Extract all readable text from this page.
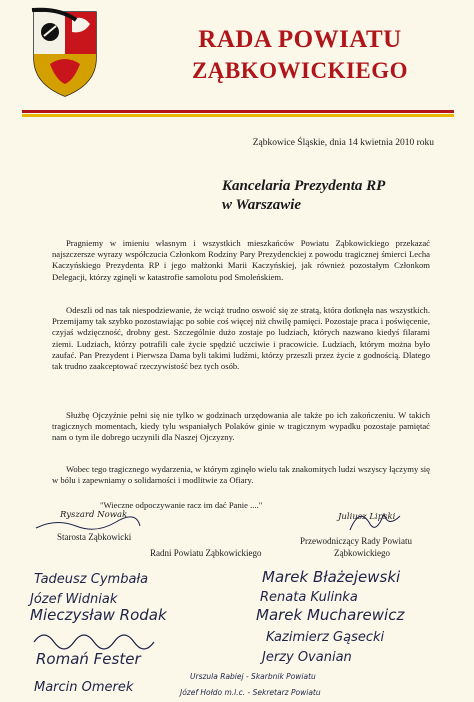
RADA POWIATU
ZĄBKOWICKIEGO
Ząbkowice Śląskie, dnia 14 kwietnia 2010 roku
Kancelaria Prezydenta RP
w Warszawie
Pragniemy w imieniu własnym i wszystkich mieszkańców Powiatu Ząbkowickiego przekazać najszczersze wyrazy współczucia Członkom Rodziny Pary Prezydenckiej z powodu tragicznej śmierci Lecha Kaczyńskiego Prezydenta RP i jego małżonki Marii Kaczyńskiej, jak również pozostałym Członkom Delegacji, którzy zginęli w katastrofie samolotu pod Smoleńskiem.
Odeszli od nas tak niespodziewanie, że wciąż trudno oswoić się ze stratą, która dotknęła nas wszystkich. Przemijamy tak szybko pozostawiając po sobie coś więcej niż chwilę pamięci. Pozostaje praca i poświęcenie, czyjaś wdzięczność, drobny gest. Szczególnie dużo zostaje po ludziach, których nazwano kiedyś filarami ziemi. Ludziach, którzy potrafili całe życie spędzić uczciwie i pracowicie. Ludziach, którym można było zaufać. Pan Prezydent i Pierwsza Dama byli takimi ludźmi, którzy przeszli przez życie z godnością. Dlatego tak trudno zaakceptować rzeczywistość bez tych osób.
Służbę Ojczyźnie pełni się nie tylko w godzinach urzędowania ale także po ich zakończeniu. W takich tragicznych momentach, kiedy tylu wspaniałych Polaków ginie w tragicznym wypadku pozostaje pamiętać nam o tym ile dobrego uczynili dla Naszej Ojczyzny.
Wobec tego tragicznego wydarzenia, w którym zginęło wielu tak znakomitych ludzi wszyscy łączymy się w bólu i zapewniamy o solidarności i modlitwie za Ofiary.
"Wieczne odpoczywanie racz im dać Panie ...."
Ryszard Nowak
Starosta Ząbkowicki
Juliusz Lipski
Przewodniczący Rady Powiatu
Ząbkowickiego
Radni Powiatu Ząbkowickiego
Tadeusz Cymbała
Józef Widniak
Mieczysław Rodak
Romań Fester
Marcin Omerek
Marek Błażejewski
Renata Kulinka
Marek Mucharewicz
Kazimierz Gąsecki
Jerzy Ovanian
Urszula Rabiej - Skarbnik Powiatu
Józef Hołdo m.l.c. - Sekretarz Powiatu
